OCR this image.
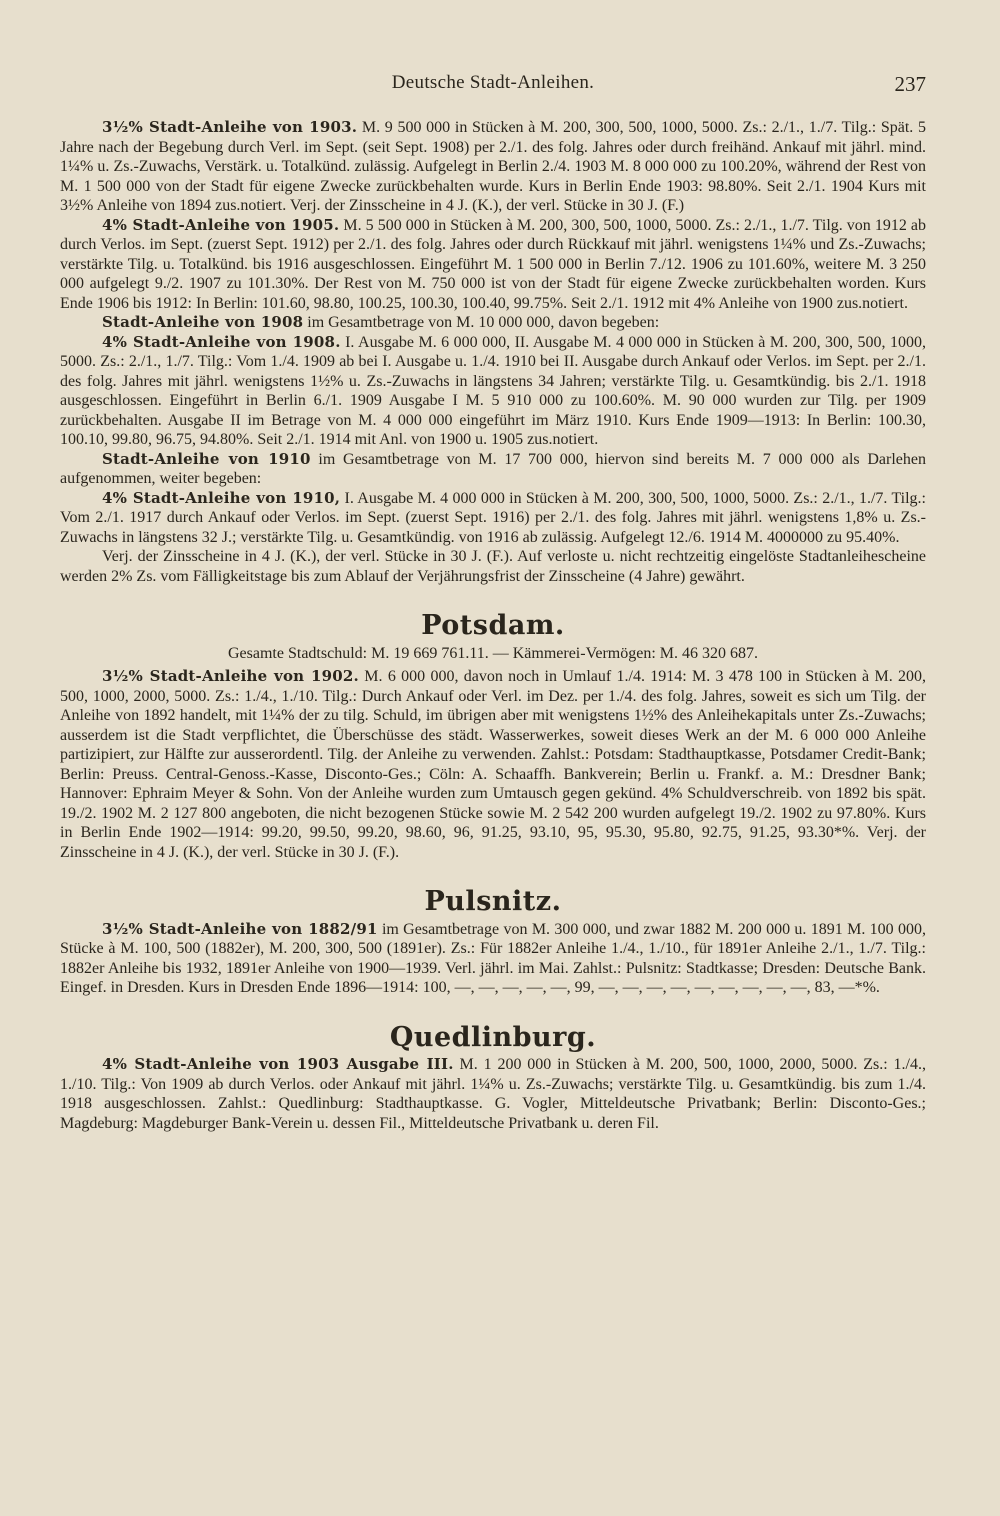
Deutsche Stadt-Anleihen.	237

3½% Stadt-Anleihe von 1903. M. 9 500 000 in Stücken à M. 200, 300, 500, 1000, 5000. Zs.: 2./1., 1./7. Tilg.: Spät. 5 Jahre nach der Begebung durch Verl. im Sept. (seit Sept. 1908) per 2./1. des folg. Jahres oder durch freihänd. Ankauf mit jährl. mind. 1¼% u. Zs.-Zuwachs, Verstärk. u. Totalkünd. zulässig. Aufgelegt in Berlin 2./4. 1903 M. 8 000 000 zu 100.20%, während der Rest von M. 1 500 000 von der Stadt für eigene Zwecke zurückbehalten wurde. Kurs in Berlin Ende 1903: 98.80%. Seit 2./1. 1904 Kurs mit 3½% Anleihe von 1894 zus.notiert. Verj. der Zinsscheine in 4 J. (K.), der verl. Stücke in 30 J. (F.)

4% Stadt-Anleihe von 1905. M. 5 500 000 in Stücken à M. 200, 300, 500, 1000, 5000. Zs.: 2./1., 1./7. Tilg. von 1912 ab durch Verlos. im Sept. (zuerst Sept. 1912) per 2./1. des folg. Jahres oder durch Rückkauf mit jährl. wenigstens 1¼% und Zs.-Zuwachs; verstärkte Tilg. u. Totalkünd. bis 1916 ausgeschlossen. Eingeführt M. 1 500 000 in Berlin 7./12. 1906 zu 101.60%, weitere M. 3 250 000 aufgelegt 9./2. 1907 zu 101.30%. Der Rest von M. 750 000 ist von der Stadt für eigene Zwecke zurückbehalten worden. Kurs Ende 1906 bis 1912: In Berlin: 101.60, 98.80, 100.25, 100.30, 100.40, 99.75%. Seit 2./1. 1912 mit 4% Anleihe von 1900 zus.notiert.

Stadt-Anleihe von 1908 im Gesamtbetrage von M. 10 000 000, davon begeben:

4% Stadt-Anleihe von 1908. I. Ausgabe M. 6 000 000, II. Ausgabe M. 4 000 000 in Stücken à M. 200, 300, 500, 1000, 5000. Zs.: 2./1., 1./7. Tilg.: Vom 1./4. 1909 ab bei I. Ausgabe u. 1./4. 1910 bei II. Ausgabe durch Ankauf oder Verlos. im Sept. per 2./1. des folg. Jahres mit jährl. wenigstens 1½% u. Zs.-Zuwachs in längstens 34 Jahren; verstärkte Tilg. u. Gesamtkündig. bis 2./1. 1918 ausgeschlossen. Eingeführt in Berlin 6./1. 1909 Ausgabe I M. 5 910 000 zu 100.60%. M. 90 000 wurden zur Tilg. per 1909 zurückbehalten. Ausgabe II im Betrage von M. 4 000 000 eingeführt im März 1910. Kurs Ende 1909—1913: In Berlin: 100.30, 100.10, 99.80, 96.75, 94.80%. Seit 2./1. 1914 mit Anl. von 1900 u. 1905 zus.notiert.

Stadt-Anleihe von 1910 im Gesamtbetrage von M. 17 700 000, hiervon sind bereits M. 7 000 000 als Darlehen aufgenommen, weiter begeben:

4% Stadt-Anleihe von 1910, I. Ausgabe M. 4 000 000 in Stücken à M. 200, 300, 500, 1000, 5000. Zs.: 2./1., 1./7. Tilg.: Vom 2./1. 1917 durch Ankauf oder Verlos. im Sept. (zuerst Sept. 1916) per 2./1. des folg. Jahres mit jährl. wenigstens 1,8% u. Zs.-Zuwachs in längstens 32 J.; verstärkte Tilg. u. Gesamtkündig. von 1916 ab zulässig. Aufgelegt 12./6. 1914 M. 4000000 zu 95.40%.

Verj. der Zinsscheine in 4 J. (K.), der verl. Stücke in 30 J. (F.). Auf verloste u. nicht rechtzeitig eingelöste Stadtanleihescheine werden 2% Zs. vom Fälligkeitstage bis zum Ablauf der Verjährungsfrist der Zinsscheine (4 Jahre) gewährt.

Potsdam.
Gesamte Stadtschuld: M. 19 669 761.11. — Kämmerei-Vermögen: M. 46 320 687.

3½% Stadt-Anleihe von 1902. M. 6 000 000, davon noch in Umlauf 1./4. 1914: M. 3 478 100 in Stücken à M. 200, 500, 1000, 2000, 5000. Zs.: 1./4., 1./10. Tilg.: Durch Ankauf oder Verl. im Dez. per 1./4. des folg. Jahres, soweit es sich um Tilg. der Anleihe von 1892 handelt, mit 1¼% der zu tilg. Schuld, im übrigen aber mit wenigstens 1½% des Anleihekapitals unter Zs.-Zuwachs; ausserdem ist die Stadt verpflichtet, die Überschüsse des städt. Wasserwerkes, soweit dieses Werk an der M. 6 000 000 Anleihe partizipiert, zur Hälfte zur ausserordentl. Tilg. der Anleihe zu verwenden. Zahlst.: Potsdam: Stadthauptkasse, Potsdamer Credit-Bank; Berlin: Preuss. Central-Genoss.-Kasse, Disconto-Ges.; Cöln: A. Schaaffh. Bankverein; Berlin u. Frankf. a. M.: Dresdner Bank; Hannover: Ephraim Meyer & Sohn. Von der Anleihe wurden zum Umtausch gegen gekünd. 4% Schuldverschreib. von 1892 bis spät. 19./2. 1902 M. 2 127 800 angeboten, die nicht bezogenen Stücke sowie M. 2 542 200 wurden aufgelegt 19./2. 1902 zu 97.80%. Kurs in Berlin Ende 1902—1914: 99.20, 99.50, 99.20, 98.60, 96, 91.25, 93.10, 95, 95.30, 95.80, 92.75, 91.25, 93.30*%. Verj. der Zinsscheine in 4 J. (K.), der verl. Stücke in 30 J. (F.).

Pulsnitz.

3½% Stadt-Anleihe von 1882/91 im Gesamtbetrage von M. 300 000, und zwar 1882 M. 200 000 u. 1891 M. 100 000, Stücke à M. 100, 500 (1882er), M. 200, 300, 500 (1891er). Zs.: Für 1882er Anleihe 1./4., 1./10., für 1891er Anleihe 2./1., 1./7. Tilg.: 1882er Anleihe bis 1932, 1891er Anleihe von 1900—1939. Verl. jährl. im Mai. Zahlst.: Pulsnitz: Stadtkasse; Dresden: Deutsche Bank. Eingef. in Dresden. Kurs in Dresden Ende 1896—1914: 100, —, —, —, —, —, 99, —, —, —, —, —, —, —, —, —, 83, —*%.

Quedlinburg.

4% Stadt-Anleihe von 1903 Ausgabe III. M. 1 200 000 in Stücken à M. 200, 500, 1000, 2000, 5000. Zs.: 1./4., 1./10. Tilg.: Von 1909 ab durch Verlos. oder Ankauf mit jährl. 1¼% u. Zs.-Zuwachs; verstärkte Tilg. u. Gesamtkündig. bis zum 1./4. 1918 ausgeschlossen. Zahlst.: Quedlinburg: Stadthauptkasse. G. Vogler, Mitteldeutsche Privatbank; Berlin: Disconto-Ges.; Magdeburg: Magdeburger Bank-Verein u. dessen Fil., Mitteldeutsche Privatbank u. deren Fil.
